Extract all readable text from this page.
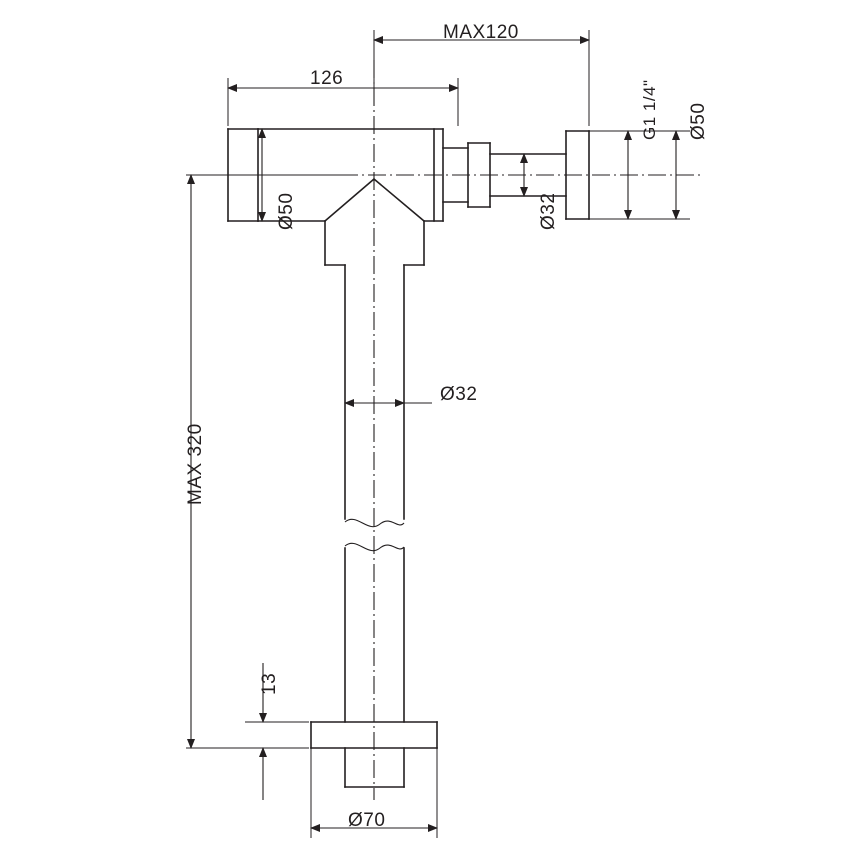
MAX120
126
Ø50	Ø32
G1 1/4" Ø50
Ø32
MAX 320
13
Ø70
